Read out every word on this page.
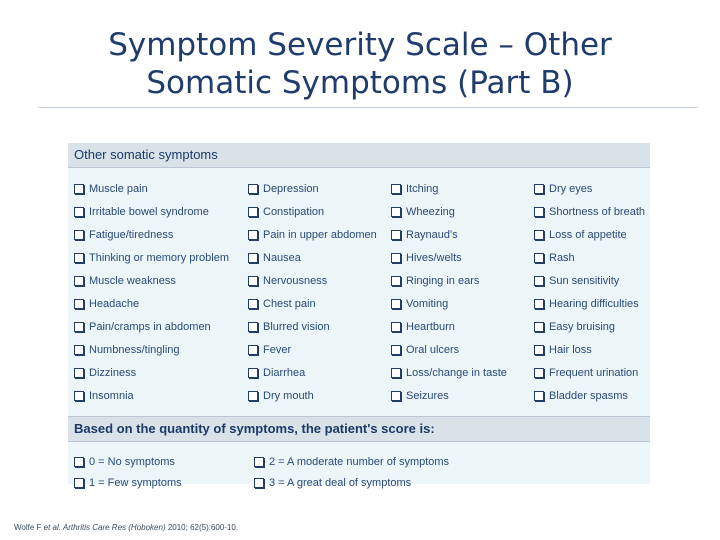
Symptom Severity Scale – Other
Somatic Symptoms (Part B)
Other somatic symptoms
Muscle pain
Irritable bowel syndrome
Fatigue/tiredness
Thinking or memory problem
Muscle weakness
Headache
Pain/cramps in abdomen
Numbness/tingling
Dizziness
Insomnia
Depression
Constipation
Pain in upper abdomen
Nausea
Nervousness
Chest pain
Blurred vision
Fever
Diarrhea
Dry mouth
Itching
Wheezing
Raynaud's
Hives/welts
Ringing in ears
Vomiting
Heartburn
Oral ulcers
Loss/change in taste
Seizures
Dry eyes
Shortness of breath
Loss of appetite
Rash
Sun sensitivity
Hearing difficulties
Easy bruising
Hair loss
Frequent urination
Bladder spasms
Based on the quantity of symptoms, the patient's score is:
0 = No symptoms
1 = Few symptoms
2 = A moderate number of symptoms
3 = A great deal of symptoms
Wolfe F et al. Arthritis Care Res (Hoboken) 2010; 62(5):600-10.
